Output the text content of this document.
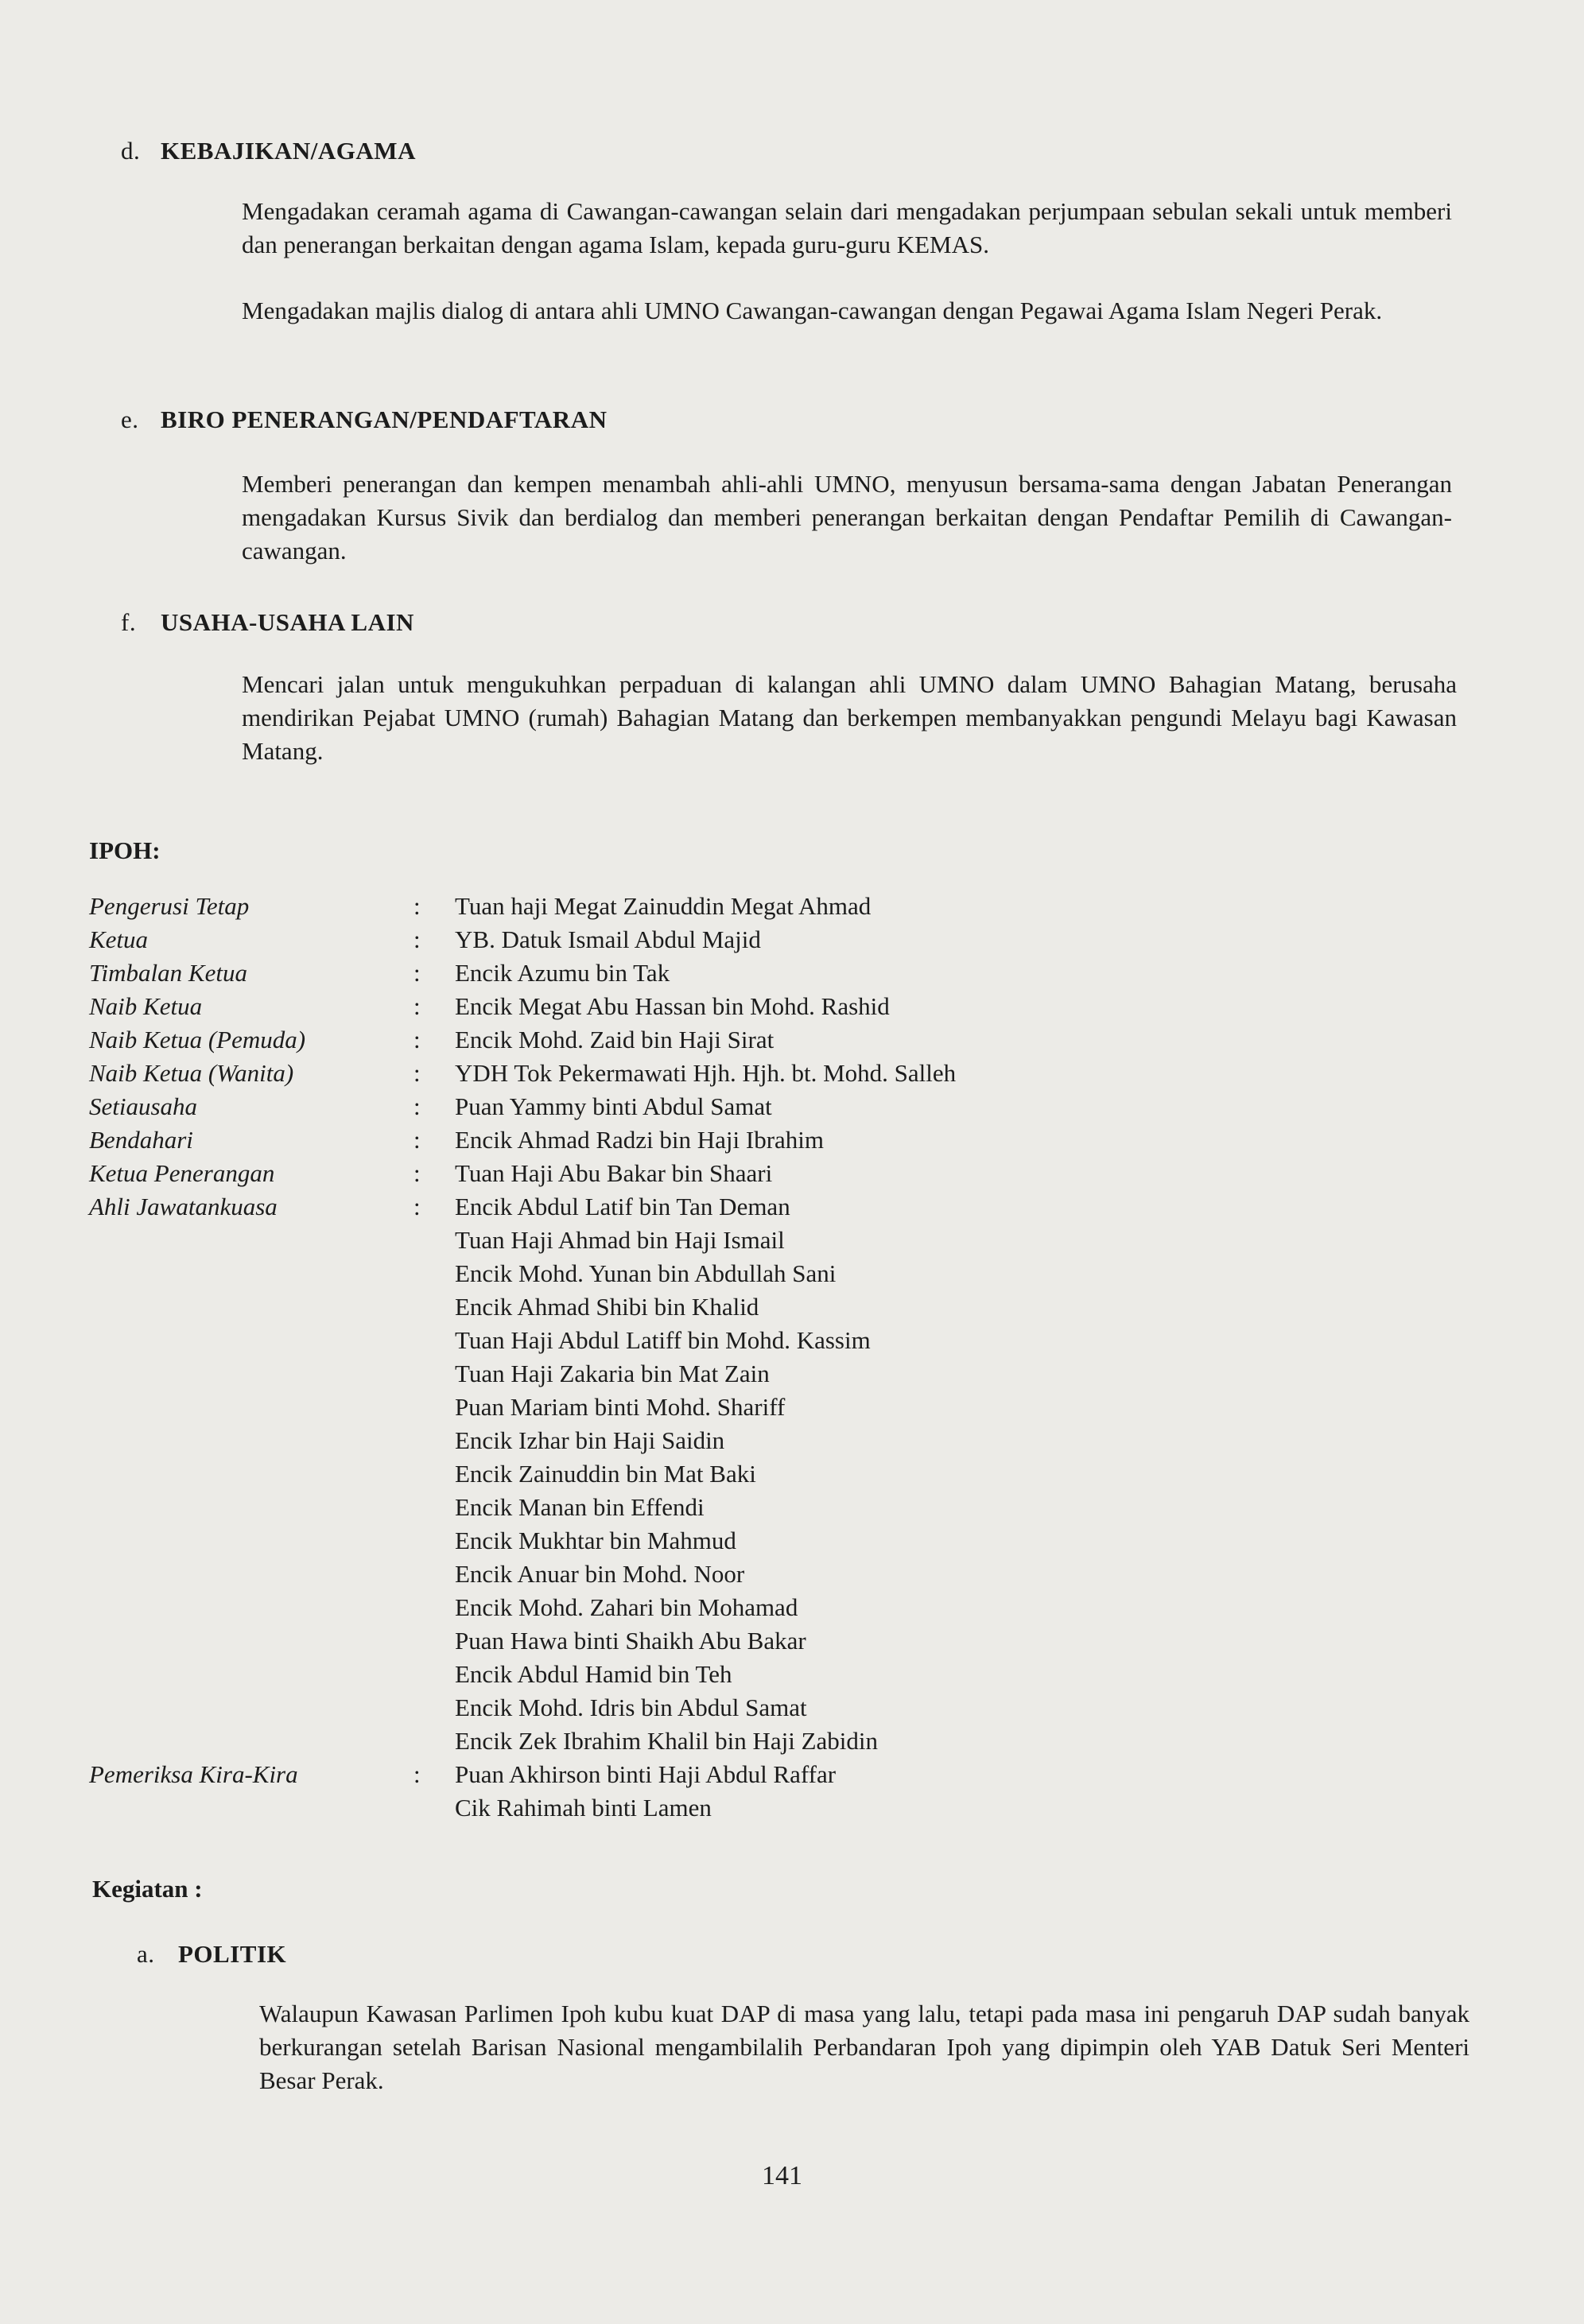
d. KEBAJIKAN/AGAMA
Mengadakan ceramah agama di Cawangan-cawangan selain dari mengadakan perjumpaan sebulan sekali untuk memberi dan penerangan berkaitan dengan agama Islam, kepada guru-guru KEMAS.
Mengadakan majlis dialog di antara ahli UMNO Cawangan-cawangan dengan Pegawai Agama Islam Negeri Perak.
e. BIRO PENERANGAN/PENDAFTARAN
Memberi penerangan dan kempen menambah ahli-ahli UMNO, menyusun bersama-sama dengan Jabatan Penerangan mengadakan Kursus Sivik dan berdialog dan memberi penerangan berkaitan dengan Pendaftar Pemilih di Cawangan-cawangan.
f. USAHA-USAHA LAIN
Mencari jalan untuk mengukuhkan perpaduan di kalangan ahli UMNO dalam UMNO Bahagian Matang, berusaha mendirikan Pejabat UMNO (rumah) Bahagian Matang dan berkempen membanyakkan pengundi Melayu bagi Kawasan Matang.
IPOH:
Pengerusi Tetap	: Tuan haji Megat Zainuddin Megat Ahmad
Ketua	: YB. Datuk Ismail Abdul Majid
Timbalan Ketua	: Encik Azumu bin Tak
Naib Ketua	: Encik Megat Abu Hassan bin Mohd. Rashid
Naib Ketua (Pemuda)	: Encik Mohd. Zaid bin Haji Sirat
Naib Ketua (Wanita)	: YDH Tok Pekermawati Hjh. Hjh. bt. Mohd. Salleh
Setiausaha	: Puan Yammy binti Abdul Samat
Bendahari	: Encik Ahmad Radzi bin Haji Ibrahim
Ketua Penerangan	: Tuan Haji Abu Bakar bin Shaari
Ahli Jawatankuasa	: Encik Abdul Latif bin Tan Deman
Tuan Haji Ahmad bin Haji Ismail
Encik Mohd. Yunan bin Abdullah Sani
Encik Ahmad Shibi bin Khalid
Tuan Haji Abdul Latiff bin Mohd. Kassim
Tuan Haji Zakaria bin Mat Zain
Puan Mariam binti Mohd. Shariff
Encik Izhar bin Haji Saidin
Encik Zainuddin bin Mat Baki
Encik Manan bin Effendi
Encik Mukhtar bin Mahmud
Encik Anuar bin Mohd. Noor
Encik Mohd. Zahari bin Mohamad
Puan Hawa binti Shaikh Abu Bakar
Encik Abdul Hamid bin Teh
Encik Mohd. Idris bin Abdul Samat
Encik Zek Ibrahim Khalil bin Haji Zabidin
Pemeriksa Kira-Kira	: Puan Akhirson binti Haji Abdul Raffar
Cik Rahimah binti Lamen
Kegiatan :
a. POLITIK
Walaupun Kawasan Parlimen Ipoh kubu kuat DAP di masa yang lalu, tetapi pada masa ini pengaruh DAP sudah banyak berkurangan setelah Barisan Nasional mengambilalih Perbandaran Ipoh yang dipimpin oleh YAB Datuk Seri Menteri Besar Perak.
141
